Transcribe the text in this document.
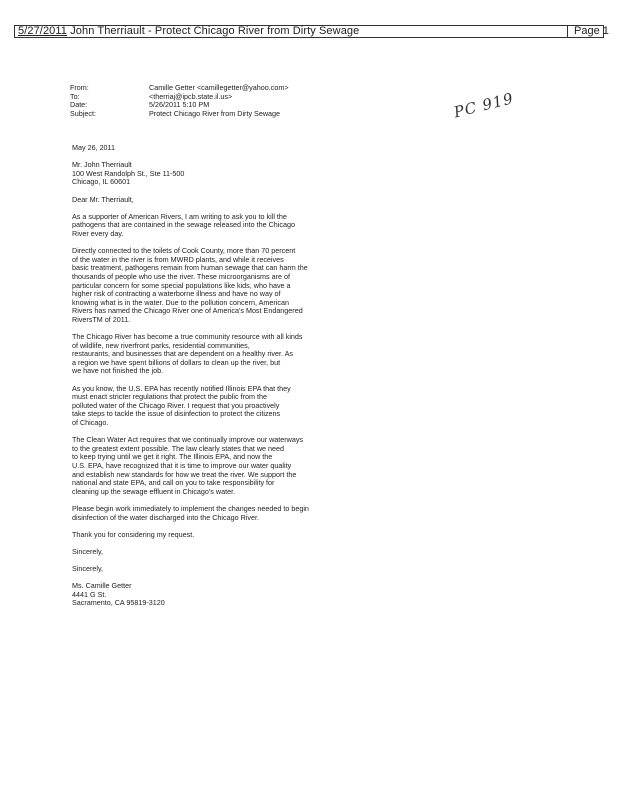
5/27/2011 John Therriault - Protect Chicago River from Dirty Sewage	Page 1
From:	Camille Getter <camillegetter@yahoo.com>
To:	<therriaj@ipcb.state.il.us>
Date:	5/26/2011 5:10 PM
Subject:	Protect Chicago River from Dirty Sewage	PC 919
May 26, 2011
Mr. John Therriault
100 West Randolph St., Ste 11-500
Chicago, IL 60601
Dear Mr. Therriault,
As a supporter of American Rivers, I am writing to ask you to kill the
pathogens that are contained in the sewage released into the Chicago
River every day.
Directly connected to the toilets of Cook County, more than 70 percent
of the water in the river is from MWRD plants, and while it receives
basic treatment, pathogens remain from human sewage that can harm the
thousands of people who use the river. These microorganisms are of
particular concern for some special populations like kids, who have a
higher risk of contracting a waterborne illness and have no way of
knowing what is in the water. Due to the pollution concern, American
Rivers has named the Chicago River one of America's Most Endangered
RiversTM of 2011.
The Chicago River has become a true community resource with all kinds
of wildlife, new riverfront parks, residential communities,
restaurants, and businesses that are dependent on a healthy river. As
a region we have spent billions of dollars to clean up the river, but
we have not finished the job.
As you know, the U.S. EPA has recently notified Illinois EPA that they
must enact stricter regulations that protect the public from the
polluted water of the Chicago River. I request that you proactively
take steps to tackle the issue of disinfection to protect the citizens
of Chicago.
The Clean Water Act requires that we continually improve our waterways
to the greatest extent possible. The law clearly states that we need
to keep trying until we get it right. The Illinois EPA, and now the
U.S. EPA, have recognized that it is time to improve our water quality
and establish new standards for how we treat the river. We support the
national and state EPA, and call on you to take responsibility for
cleaning up the sewage effluent in Chicago's water.
Please begin work immediately to implement the changes needed to begin
disinfection of the water discharged into the Chicago River.
Thank you for considering my request.
Sincerely,
Sincerely,
Ms. Camille Getter
4441 G St.
Sacramento, CA 95819-3120
